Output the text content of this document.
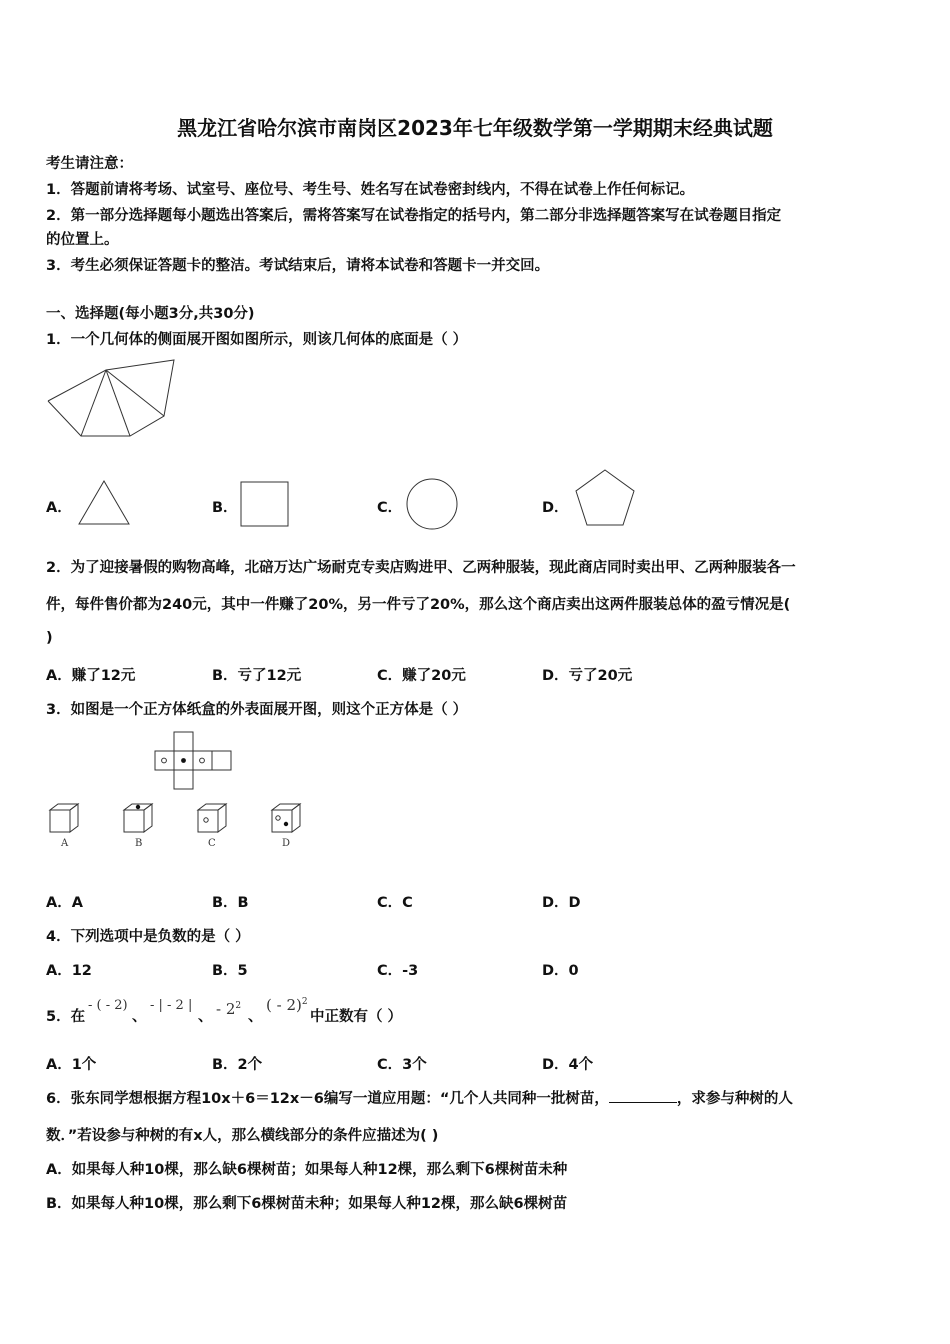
黑龙江省哈尔滨市南岗区2023年七年级数学第一学期期末经典试题
考生请注意：
1．答题前请将考场、试室号、座位号、考生号、姓名写在试卷密封线内，不得在试卷上作任何标记。
2．第一部分选择题每小题选出答案后，需将答案写在试卷指定的括号内，第二部分非选择题答案写在试卷题目指定
的位置上。
3．考生必须保证答题卡的整洁。考试结束后，请将本试卷和答题卡一并交回。
一、选择题(每小题3分,共30分)
1．一个几何体的侧面展开图如图所示，则该几何体的底面是（ ）
A．	B．	C．	D．
2．为了迎接暑假的购物高峰，北碚万达广场耐克专卖店购进甲、乙两种服装，现此商店同时卖出甲、乙两种服装各一
件，每件售价都为240元，其中一件赚了20%，另一件亏了20%，那么这个商店卖出这两件服装总体的盈亏情况是(
)
A．赚了12元	B．亏了12元	C．赚了20元	D．亏了20元
3．如图是一个正方体纸盒的外表面展开图，则这个正方体是（ ）
A	B	C	D
A．A	B．B	C．C	D．D
4．下列选项中是负数的是（ ）
A．12	B．5	C．-3	D．0
5．在
- ( - 2)
、
- | - 2 |
、 - $2^2$
、
( - 2)$^2$
中正数有（ ）
A．1个	B．2个	C．3个	D．4个
6．张东同学想根据方程10x＋6＝12x－6编写一道应用题：“几个人共同种一批树苗，	，求参与种树的人
数．”若设参与种树的有x人，那么横线部分的条件应描述为( )
A．如果每人种10棵，那么缺6棵树苗；如果每人种12棵，那么剩下6棵树苗未种
B．如果每人种10棵，那么剩下6棵树苗未种；如果每人种12棵，那么缺6棵树苗
